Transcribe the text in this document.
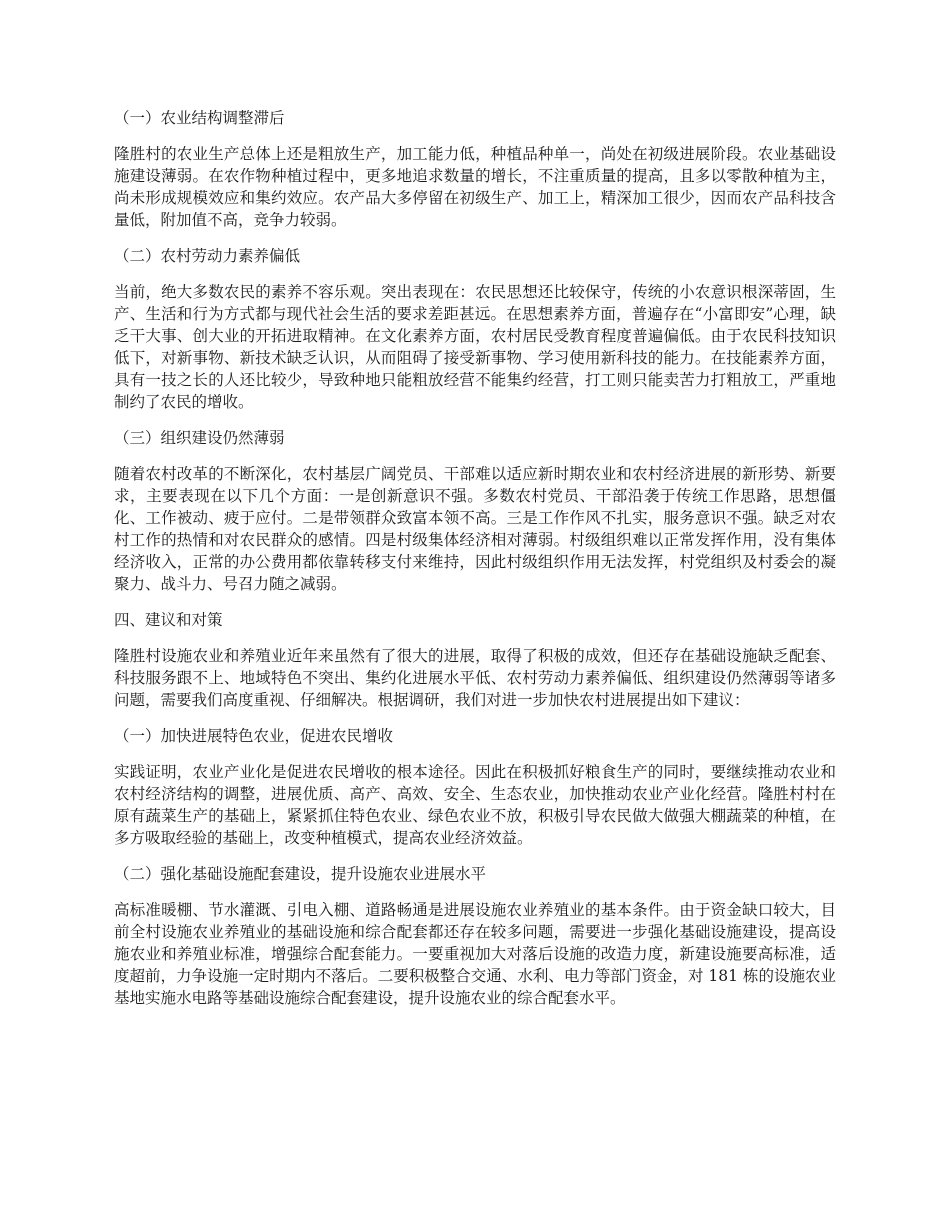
（一）农业结构调整滞后

隆胜村的农业生产总体上还是粗放生产，加工能力低，种植品种单一，尚处在初级进展阶段。农业基础设施建设薄弱。在农作物种植过程中，更多地追求数量的增长，不注重质量的提高，且多以零散种植为主，尚未形成规模效应和集约效应。农产品大多停留在初级生产、加工上，精深加工很少，因而农产品科技含量低，附加值不高，竞争力较弱。

（二）农村劳动力素养偏低

当前，绝大多数农民的素养不容乐观。突出表现在：农民思想还比较保守，传统的小农意识根深蒂固，生产、生活和行为方式都与现代社会生活的要求差距甚远。在思想素养方面，普遍存在“小富即安”心理，缺乏干大事、创大业的开拓进取精神。在文化素养方面，农村居民受教育程度普遍偏低。由于农民科技知识低下，对新事物、新技术缺乏认识，从而阻碍了接受新事物、学习使用新科技的能力。在技能素养方面，具有一技之长的人还比较少，导致种地只能粗放经营不能集约经营，打工则只能卖苦力打粗放工，严重地制约了农民的增收。

（三）组织建设仍然薄弱

随着农村改革的不断深化，农村基层广阔党员、干部难以适应新时期农业和农村经济进展的新形势、新要求，主要表现在以下几个方面：一是创新意识不强。多数农村党员、干部沿袭于传统工作思路，思想僵化、工作被动、疲于应付。二是带领群众致富本领不高。三是工作作风不扎实，服务意识不强。缺乏对农村工作的热情和对农民群众的感情。四是村级集体经济相对薄弱。村级组织难以正常发挥作用，没有集体经济收入，正常的办公费用都依靠转移支付来维持，因此村级组织作用无法发挥，村党组织及村委会的凝聚力、战斗力、号召力随之减弱。

四、建议和对策

隆胜村设施农业和养殖业近年来虽然有了很大的进展，取得了积极的成效，但还存在基础设施缺乏配套、科技服务跟不上、地域特色不突出、集约化进展水平低、农村劳动力素养偏低、组织建设仍然薄弱等诸多问题，需要我们高度重视、仔细解决。根据调研，我们对进一步加快农村进展提出如下建议：

（一）加快进展特色农业，促进农民增收

实践证明，农业产业化是促进农民增收的根本途径。因此在积极抓好粮食生产的同时，要继续推动农业和农村经济结构的调整，进展优质、高产、高效、安全、生态农业，加快推动农业产业化经营。隆胜村村在原有蔬菜生产的基础上，紧紧抓住特色农业、绿色农业不放，积极引导农民做大做强大棚蔬菜的种植，在多方吸取经验的基础上，改变种植模式，提高农业经济效益。

（二）强化基础设施配套建设，提升设施农业进展水平

高标准暖棚、节水灌溉、引电入棚、道路畅通是进展设施农业养殖业的基本条件。由于资金缺口较大，目前全村设施农业养殖业的基础设施和综合配套都还存在较多问题，需要进一步强化基础设施建设，提高设施农业和养殖业标准，增强综合配套能力。一要重视加大对落后设施的改造力度，新建设施要高标准，适度超前，力争设施一定时期内不落后。二要积极整合交通、水利、电力等部门资金，对 181 栋的设施农业基地实施水电路等基础设施综合配套建设，提升设施农业的综合配套水平。
